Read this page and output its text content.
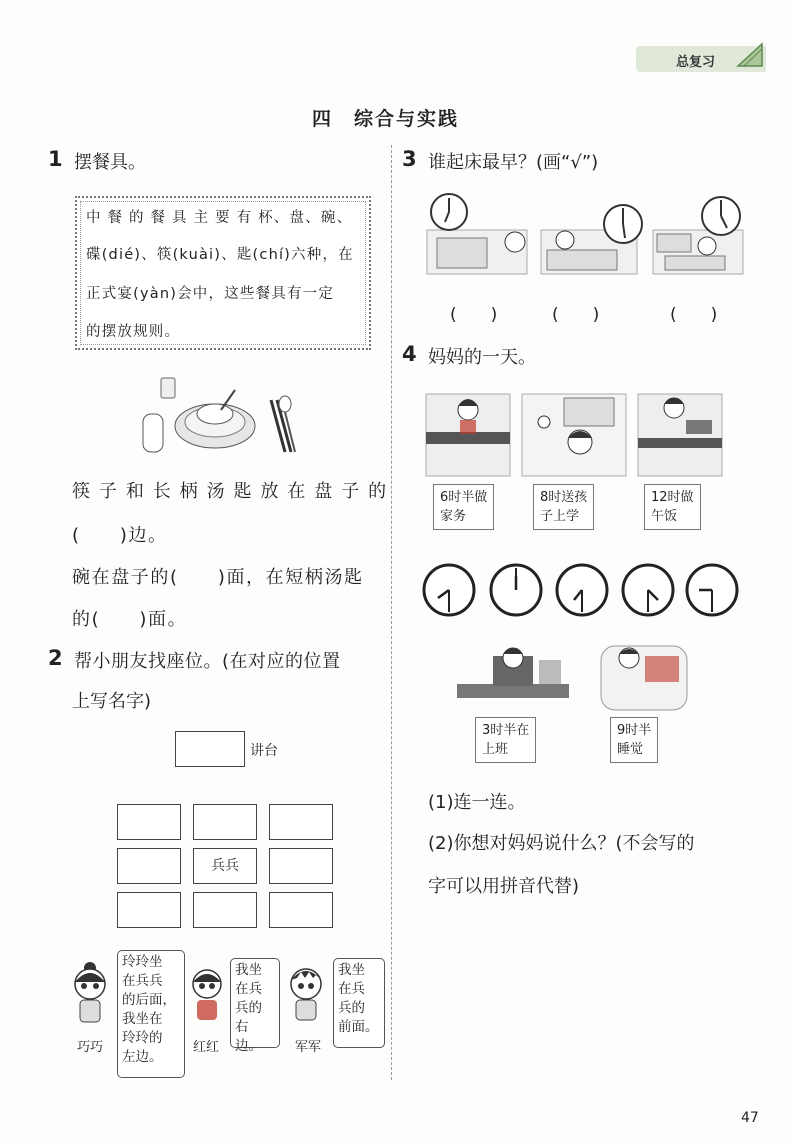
总复习
四　综合与实践
1 摆餐具。
中 餐 的 餐 具 主 要 有 杯、盘、碗、
碟(dié)、筷(kuài)、匙(chí)六种，在
正式宴(yàn)会中，这些餐具有一定
的摆放规则。
筷 子 和 长 柄 汤 匙 放 在 盘 子 的
(　　)边。
碗在盘子的(　　)面，在短柄汤匙
的(　　)面。
2 帮小朋友找座位。(在对应的位置
上写名字)
讲台
兵兵
巧巧
玲玲坐
在兵兵
的后面，
我坐在
玲玲的
左边。
红红
我坐
在兵
兵的
右边。	军军
我坐
在兵
兵的
前面。
3 谁起床最早？(画“√”)
(　　)	(　　)	(　　)
4 妈妈的一天。
6时半做
家务
8时送孩
子上学
12时做
午饭
3时半在
上班
9时半
睡觉
(1)连一连。
(2)你想对妈妈说什么？(不会写的
字可以用拼音代替)
47
